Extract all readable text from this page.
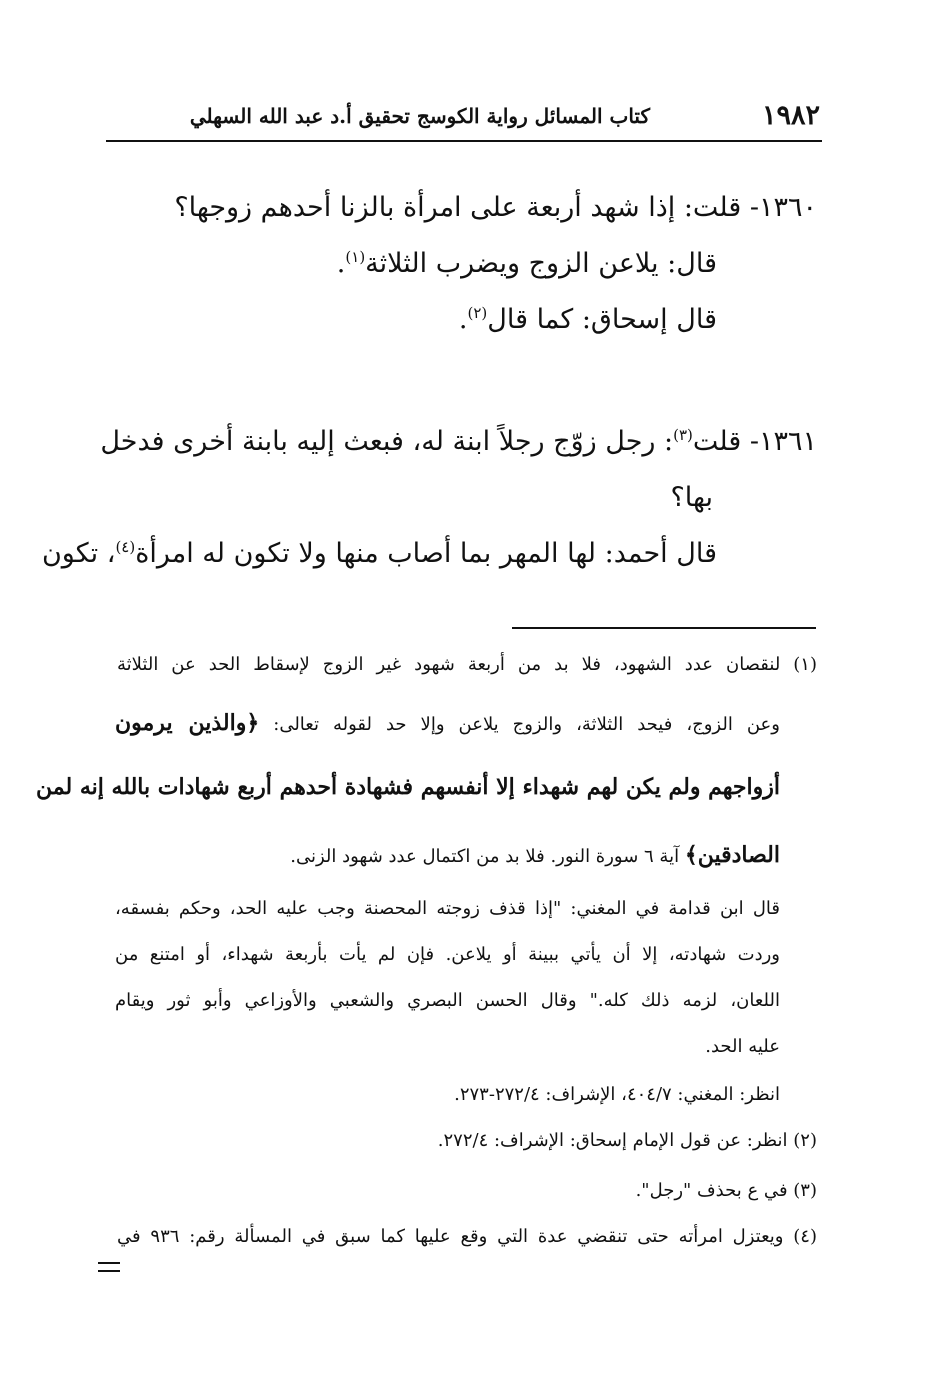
١٩٨٢
كتاب المسائل رواية الكوسج تحقيق أ.د عبد الله السهلي
١٣٦٠- قلت: إذا شهد أربعة على امرأة بالزنا أحدهم زوجها؟
قال: يلاعن الزوج ويضرب الثلاثة$^{(١)}$.
قال إسحاق: كما قال$^{(٢)}$.
١٣٦١- قلت$^{(٣)}$: رجل زوّج رجلاً ابنة له، فبعث إليه بابنة أخرى فدخل
بها؟
قال أحمد: لها المهر بما أصاب منها ولا تكون له امرأة$^{(٤)}$، تكون
(١) لنقصان عدد الشهود، فلا بد من أربعة شهود غير الزوج لإسقاط الحد عن الثلاثة
وعن الزوج، فيحد الثلاثة، والزوج يلاعن وإلا حد لقوله تعالى: ﴿والذين يرمون
أزواجهم ولم يكن لهم شهداء إلا أنفسهم فشهادة أحدهم أربع شهادات بالله إنه لمن
الصادقين﴾ آية ٦ سورة النور. فلا بد من اكتمال عدد شهود الزنى.
قال ابن قدامة في المغني: "إذا قذف زوجته المحصنة وجب عليه الحد، وحكم بفسقه،
وردت شهادته، إلا أن يأتي ببينة أو يلاعن. فإن لم يأت بأربعة شهداء، أو امتنع من
اللعان، لزمه ذلك كله." وقال الحسن البصري والشعبي والأوزاعي وأبو ثور ويقام
عليه الحد.
انظر: المغني: ٤٠٤/٧، الإشراف: ٢٧٢/٤-٢٧٣.
(٢) انظر: عن قول الإمام إسحاق: الإشراف: ٢٧٢/٤.
(٣) في ع بحذف "رجل".
(٤) ويعتزل امرأته حتى تنقضي عدة التي وقع عليها كما سبق في المسألة رقم: ٩٣٦ في
